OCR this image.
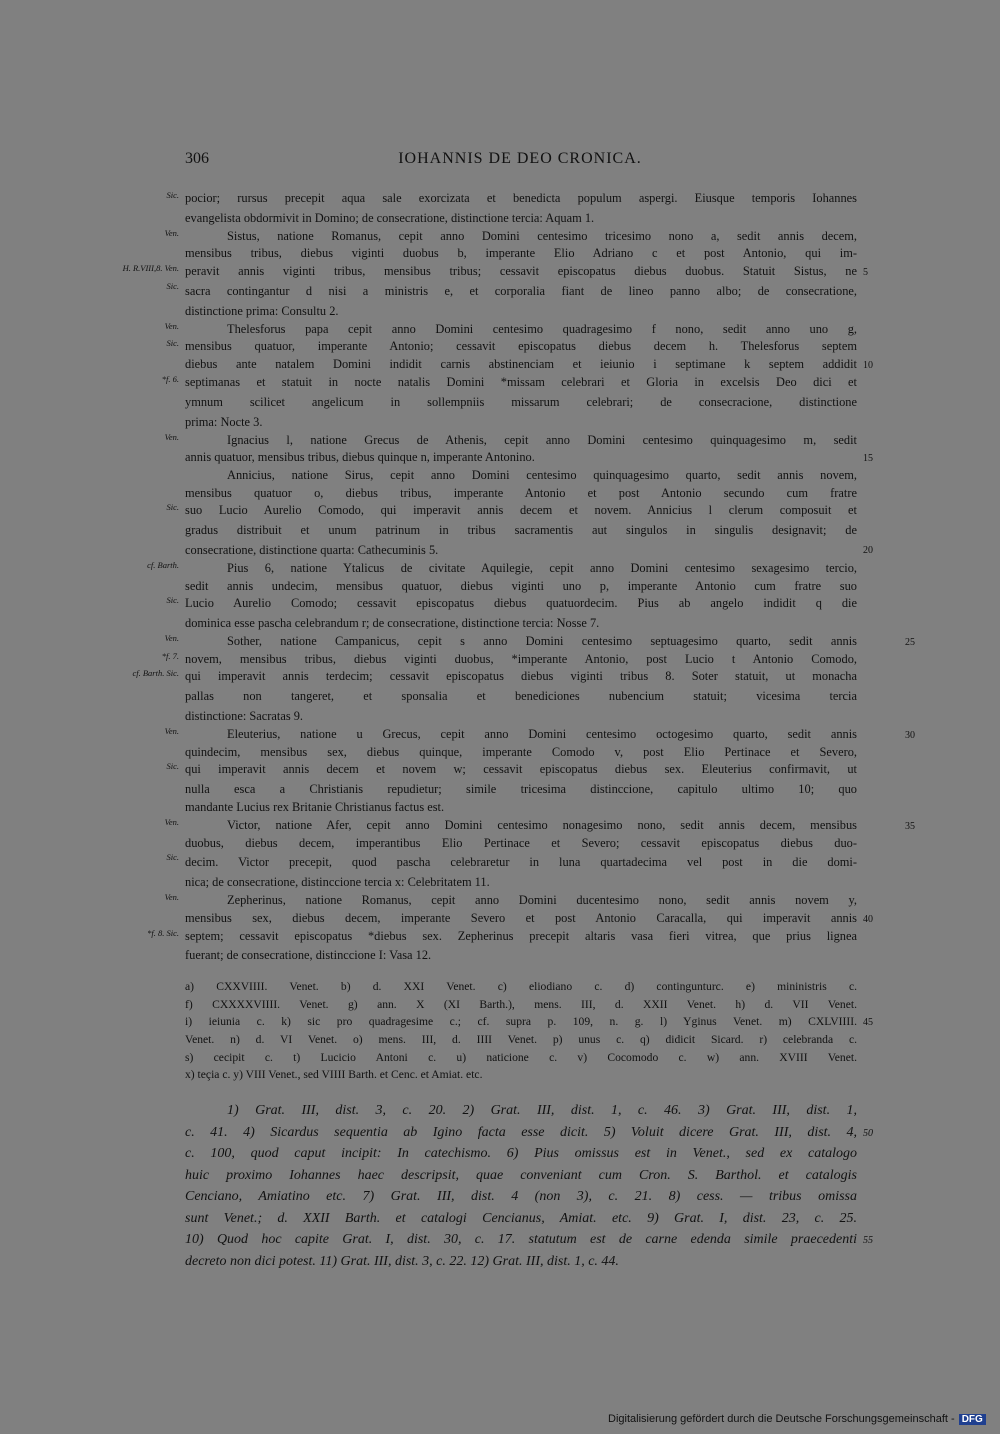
306	IOHANNIS DE DEO CRONICA.
Sic. pocior; rursus precepit aqua sale exorcizata et benedicta populum aspergi. Eiusque temporis Iohannes
evangelista obdormivit in Domino; de consecratione, distinctione tercia: Aquam 1.
Ven.	Sistus, natione Romanus, cepit anno Domini centesimo tricesimo nono a, sedit annis decem,
mensibus tribus, diebus viginti duobus b, imperante Elio Adriano c et post Antonio, qui im-
H. R.VIII,8. Ven. peravit annis viginti tribus, mensibus tribus; cessavit episcopatus diebus duobus. Statuit Sistus, ne 5
Sic. sacra contingantur d nisi a ministris e, et corporalia fiant de lineo panno albo; de consecratione,
distinctione prima: Consultu 2.
Ven.	Thelesforus papa cepit anno Domini centesimo quadragesimo f nono, sedit anno uno g,
Sic. mensibus quatuor, imperante Antonio; cessavit episcopatus diebus decem h. Thelesforus septem
diebus ante natalem Domini indidit carnis abstinenciam et ieiunio i septimane k septem addidit 10
*f. 6. septimanas et statuit in nocte natalis Domini *missam celebrari et Gloria in excelsis Deo dici et
ymnum scilicet angelicum in sollempniis missarum celebrari; de consecracione, distinctione
prima: Nocte 3.
Ven.	Ignacius l, natione Grecus de Athenis, cepit anno Domini centesimo quinquagesimo m, sedit
annis quatuor, mensibus tribus, diebus quinque n, imperante Antonino.	15
Annicius, natione Sirus, cepit anno Domini centesimo quinquagesimo quarto, sedit annis novem,
mensibus quatuor o, diebus tribus, imperante Antonio et post Antonio secundo cum fratre
Sic. suo Lucio Aurelio Comodo, qui imperavit annis decem et novem. Annicius l clerum composuit et
gradus distribuit et unum patrinum in tribus sacramentis aut singulos in singulis designavit; de
consecratione, distinctione quarta: Cathecuminis 5.	20
cf. Barth.	Pius 6, natione Ytalicus de civitate Aquilegie, cepit anno Domini centesimo sexagesimo tercio,
sedit annis undecim, mensibus quatuor, diebus viginti uno p, imperante Antonio cum fratre suo
Sic. Lucio Aurelio Comodo; cessavit episcopatus diebus quatuordecim. Pius ab angelo indidit q die
dominica esse pascha celebrandum r; de consecratione, distinctione tercia: Nosse 7.
Ven.	Sother, natione Campanicus, cepit s anno Domini centesimo septuagesimo quarto, sedit annis	25
*f. 7. novem, mensibus tribus, diebus viginti duobus, *imperante Antonio, post Lucio t Antonio Comodo,
cf. Barth. Sic. qui imperavit annis terdecim; cessavit episcopatus diebus viginti tribus 8. Soter statuit, ut monacha
pallas non tangeret, et sponsalia et benediciones nubencium statuit; vicesima tercia
distinctione: Sacratas 9.
Ven.	Eleuterius, natione u Grecus, cepit anno Domini centesimo octogesimo quarto, sedit annis	30
quindecim, mensibus sex, diebus quinque, imperante Comodo v, post Elio Pertinace et Severo,
Sic. qui imperavit annis decem et novem w; cessavit episcopatus diebus sex. Eleuterius confirmavit, ut
nulla esca a Christianis repudietur; simile tricesima distinccione, capitulo ultimo 10; quo
mandante Lucius rex Britanie Christianus factus est.
Ven.	Victor, natione Afer, cepit anno Domini centesimo nonagesimo nono, sedit annis decem, mensibus	35
duobus, diebus decem, imperantibus Elio Pertinace et Severo; cessavit episcopatus diebus duo-
Sic. decim. Victor precepit, quod pascha celebraretur in luna quartadecima vel post in die domi-
nica; de consecratione, distinccione tercia x: Celebritatem 11.
Ven.	Zepherinus, natione Romanus, cepit anno Domini ducentesimo nono, sedit annis novem y,
mensibus sex, diebus decem, imperante Severo et post Antonio Caracalla, qui imperavit annis 40
*f. 8. Sic. septem; cessavit episcopatus *diebus sex. Zepherinus precepit altaris vasa fieri vitrea, que prius lignea
fuerant; de consecratione, distinccione I: Vasa 12.
a) CXXVIIII. Venet. b) d. XXI Venet. c) eliodiano c. d) contingunturc. e) mininistris c.
f) CXXXXVIIII. Venet. g) ann. X (XI Barth.), mens. III, d. XXII Venet. h) d. VII Venet.
i) ieiunia c. k) sic pro quadragesime c.; cf. supra p. 109, n. g. l) Yginus Venet. m) CXLVIIII. 45
Venet. n) d. VI Venet. o) mens. III, d. IIII Venet. p) unus c. q) didicit Sicard. r) celebranda c.
s) cecipit c. t) Lucicio Antoni c. u) naticione c. v) Cocomodo c. w) ann. XVIII Venet.
x) teçia c. y) VIII Venet., sed VIIII Barth. et Cenc. et Amiat. etc.
1) Grat. III, dist. 3, c. 20. 2) Grat. III, dist. 1, c. 46. 3) Grat. III, dist. 1,
c. 41. 4) Sicardus sequentia ab Igino facta esse dicit. 5) Voluit dicere Grat. III, dist. 4, 50
c. 100, quod caput incipit: In catechismo. 6) Pius omissus est in Venet., sed ex catalogo
huic proximo Iohannes haec descripsit, quae conveniant cum Cron. S. Barthol. et catalogis
Cenciano, Amiatino etc. 7) Grat. III, dist. 4 (non 3), c. 21. 8) cess. — tribus omissa
sunt Venet.; d. XXII Barth. et catalogi Cencianus, Amiat. etc. 9) Grat. I, dist. 23, c. 25.
10) Quod hoc capite Grat. I, dist. 30, c. 17. statutum est de carne edenda simile praecedenti 55
decreto non dici potest. 11) Grat. III, dist. 3, c. 22. 12) Grat. III, dist. 1, c. 44.
Digitalisierung gefördert durch die Deutsche Forschungsgemeinschaft - DFG
